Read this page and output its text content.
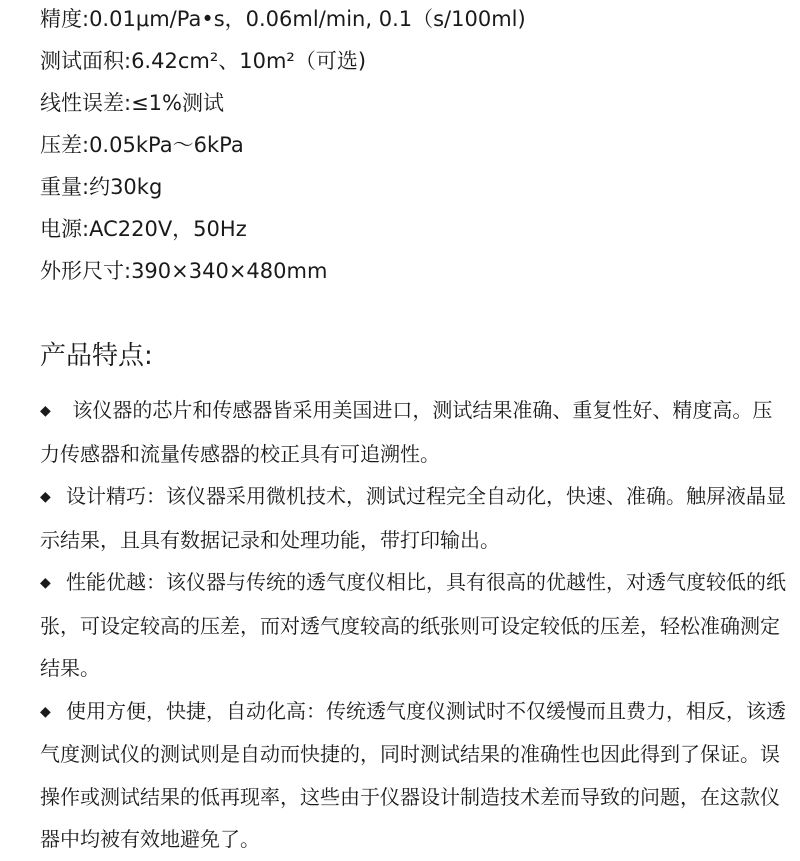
精度:0.01μm/Pa•s，0.06ml/min, 0.1（s/100ml)
测试面积:6.42cm²、10m²（可选)
线性误差:≤1%测试
压差:0.05kPa～6kPa
重量:约30kg
电源:AC220V，50Hz
外形尺寸:390×340×480mm
产品特点:
◆ 该仪器的芯片和传感器皆采用美国进口，测试结果准确、重复性好、精度高。压力传感器和流量传感器的校正具有可追溯性。
◆ 设计精巧：该仪器采用微机技术，测试过程完全自动化，快速、准确。触屏液晶显示结果，且具有数据记录和处理功能，带打印输出。
◆ 性能优越：该仪器与传统的透气度仪相比，具有很高的优越性，对透气度较低的纸张，可设定较高的压差，而对透气度较高的纸张则可设定较低的压差，轻松准确测定结果。
◆ 使用方便，快捷，自动化高：传统透气度仪测试时不仅缓慢而且费力，相反，该透气度测试仪的测试则是自动而快捷的，同时测试结果的准确性也因此得到了保证。误操作或测试结果的低再现率，这些由于仪器设计制造技术差而导致的问题，在这款仪器中均被有效地避免了。
